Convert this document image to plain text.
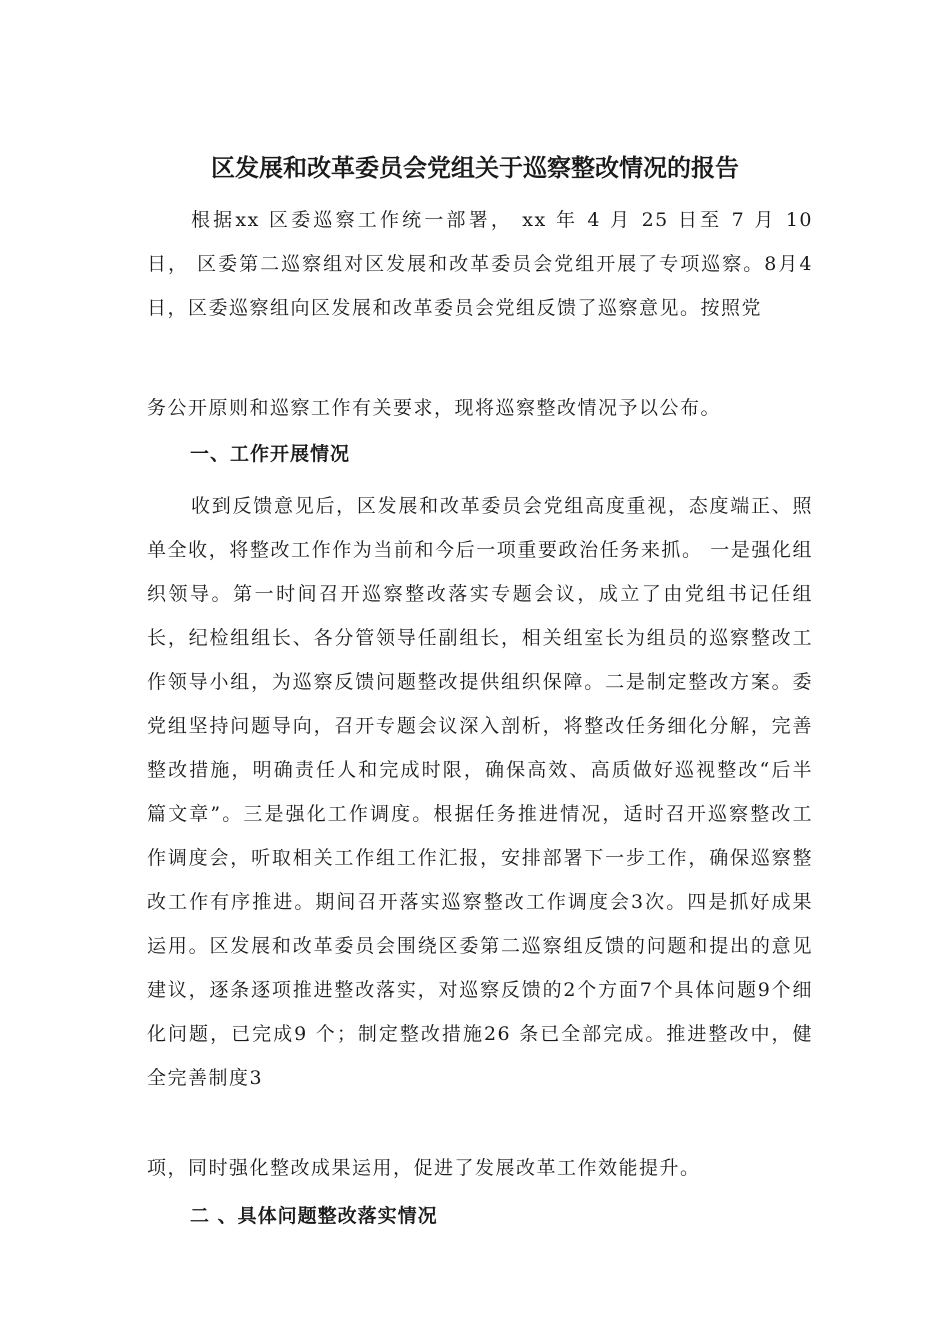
区发展和改革委员会党组关于巡察整改情况的报告

根据xx 区委巡察工作统一部署， xx 年 4 月 25 日至 7 月 10 日， 区委第二巡察组对区发展和改革委员会党组开展了专项巡察。8月4 日，区委巡察组向区发展和改革委员会党组反馈了巡察意见。按照党

务公开原则和巡察工作有关要求，现将巡察整改情况予以公布。

一、工作开展情况

收到反馈意见后，区发展和改革委员会党组高度重视，态度端正、照单全收，将整改工作作为当前和今后一项重要政治任务来抓。 一是强化组织领导。第一时间召开巡察整改落实专题会议，成立了由党组书记任组长，纪检组组长、各分管领导任副组长，相关组室长为组员的巡察整改工作领导小组，为巡察反馈问题整改提供组织保障。二是制定整改方案。委党组坚持问题导向，召开专题会议深入剖析，将整改任务细化分解，完善整改措施，明确责任人和完成时限，确保高效、高质做好巡视整改“后半篇文章”。三是强化工作调度。根据任务推进情况，适时召开巡察整改工作调度会，听取相关工作组工作汇报，安排部署下一步工作，确保巡察整改工作有序推进。期间召开落实巡察整改工作调度会3次。四是抓好成果运用。区发展和改革委员会围绕区委第二巡察组反馈的问题和提出的意见建议，逐条逐项推进整改落实，对巡察反馈的2个方面7个具体问题9个细化问题，已完成9 个；制定整改措施26 条已全部完成。推进整改中，健全完善制度3

项，同时强化整改成果运用，促进了发展改革工作效能提升。

二 、具体问题整改落实情况
